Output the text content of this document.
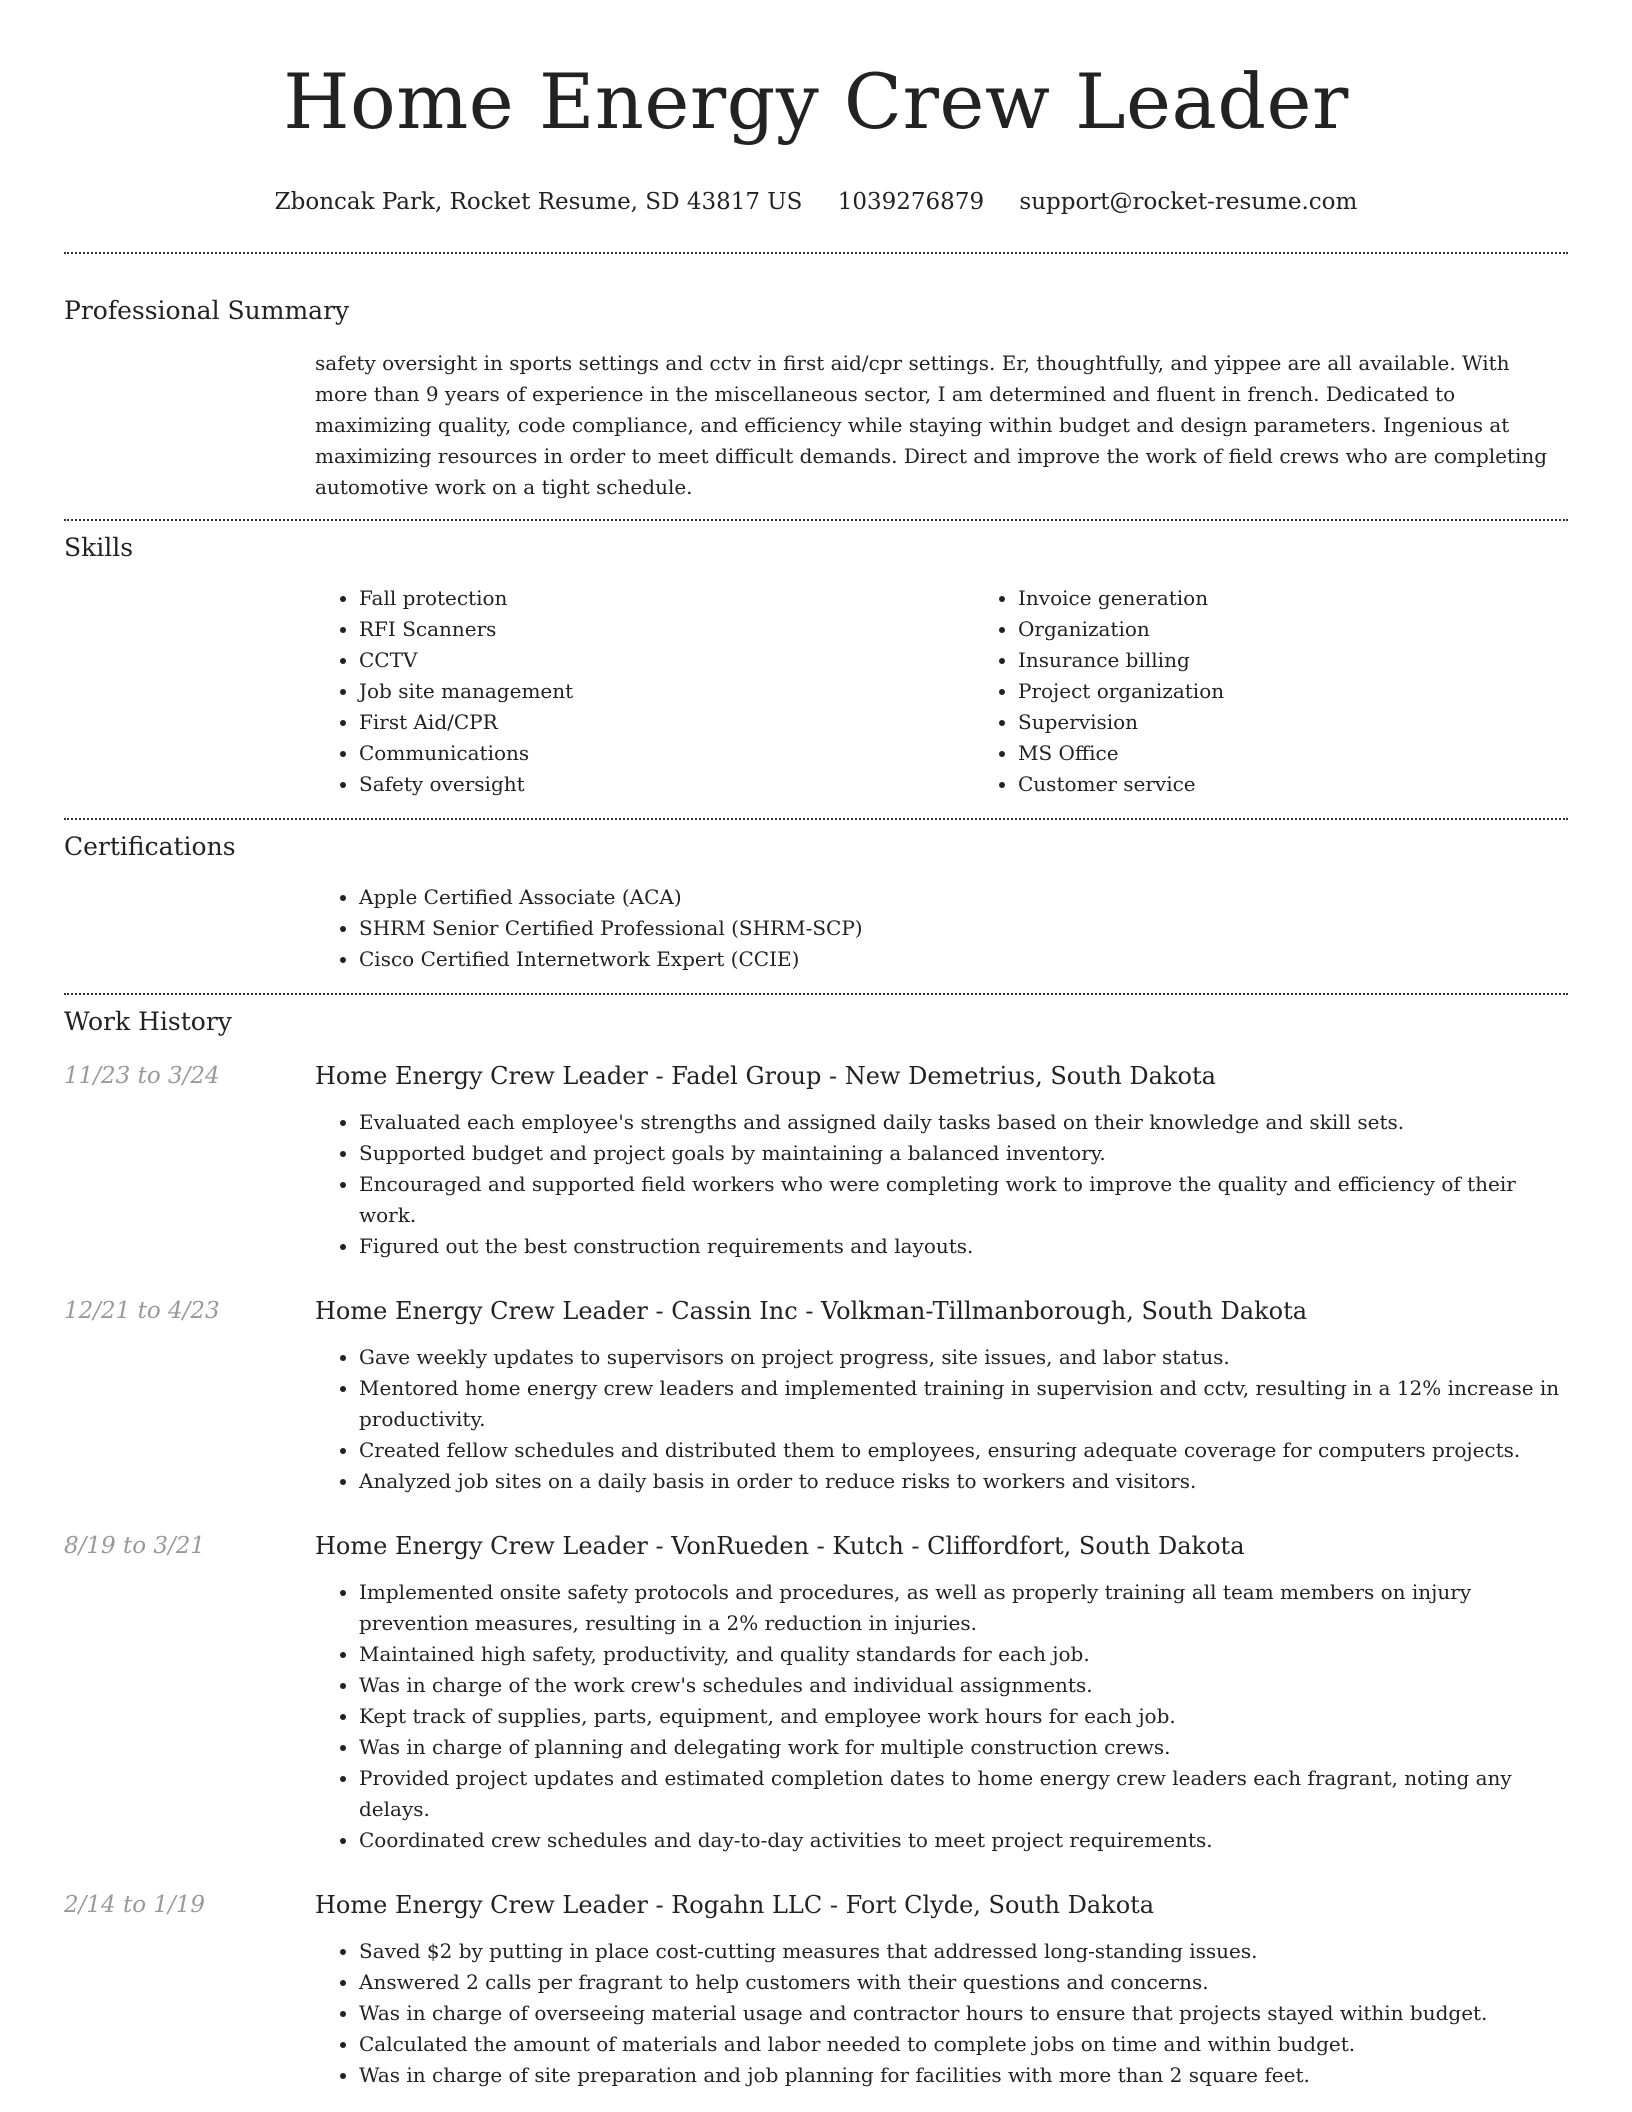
Home Energy Crew Leader
Zboncak Park, Rocket Resume, SD 43817 US 1039276879 support@rocket-resume.com
Professional Summary
safety oversight in sports settings and cctv in first aid/cpr settings. Er, thoughtfully, and yippee are all available. With more than 9 years of experience in the miscellaneous sector, I am determined and fluent in french. Dedicated to maximizing quality, code compliance, and efficiency while staying within budget and design parameters. Ingenious at maximizing resources in order to meet difficult demands. Direct and improve the work of field crews who are completing automotive work on a tight schedule.
Skills
• Fall protection
• RFI Scanners
• CCTV
• Job site management
• First Aid/CPR
• Communications
• Safety oversight
• Invoice generation
• Organization
• Insurance billing
• Project organization
• Supervision
• MS Office
• Customer service
Certifications
• Apple Certified Associate (ACA)
• SHRM Senior Certified Professional (SHRM-SCP)
• Cisco Certified Internetwork Expert (CCIE)
Work History
11/23 to 3/24	Home Energy Crew Leader - Fadel Group - New Demetrius, South Dakota
• Evaluated each employee's strengths and assigned daily tasks based on their knowledge and skill sets.
• Supported budget and project goals by maintaining a balanced inventory.
• Encouraged and supported field workers who were completing work to improve the quality and efficiency of their work.
• Figured out the best construction requirements and layouts.
12/21 to 4/23	Home Energy Crew Leader - Cassin Inc - Volkman-Tillmanborough, South Dakota
• Gave weekly updates to supervisors on project progress, site issues, and labor status.
• Mentored home energy crew leaders and implemented training in supervision and cctv, resulting in a 12% increase in productivity.
• Created fellow schedules and distributed them to employees, ensuring adequate coverage for computers projects.
• Analyzed job sites on a daily basis in order to reduce risks to workers and visitors.
8/19 to 3/21	Home Energy Crew Leader - VonRueden - Kutch - Cliffordfort, South Dakota
• Implemented onsite safety protocols and procedures, as well as properly training all team members on injury prevention measures, resulting in a 2% reduction in injuries.
• Maintained high safety, productivity, and quality standards for each job.
• Was in charge of the work crew's schedules and individual assignments.
• Kept track of supplies, parts, equipment, and employee work hours for each job.
• Was in charge of planning and delegating work for multiple construction crews.
• Provided project updates and estimated completion dates to home energy crew leaders each fragrant, noting any delays.
• Coordinated crew schedules and day-to-day activities to meet project requirements.
2/14 to 1/19	Home Energy Crew Leader - Rogahn LLC - Fort Clyde, South Dakota
• Saved $2 by putting in place cost-cutting measures that addressed long-standing issues.
• Answered 2 calls per fragrant to help customers with their questions and concerns.
• Was in charge of overseeing material usage and contractor hours to ensure that projects stayed within budget.
• Calculated the amount of materials and labor needed to complete jobs on time and within budget.
• Was in charge of site preparation and job planning for facilities with more than 2 square feet.
